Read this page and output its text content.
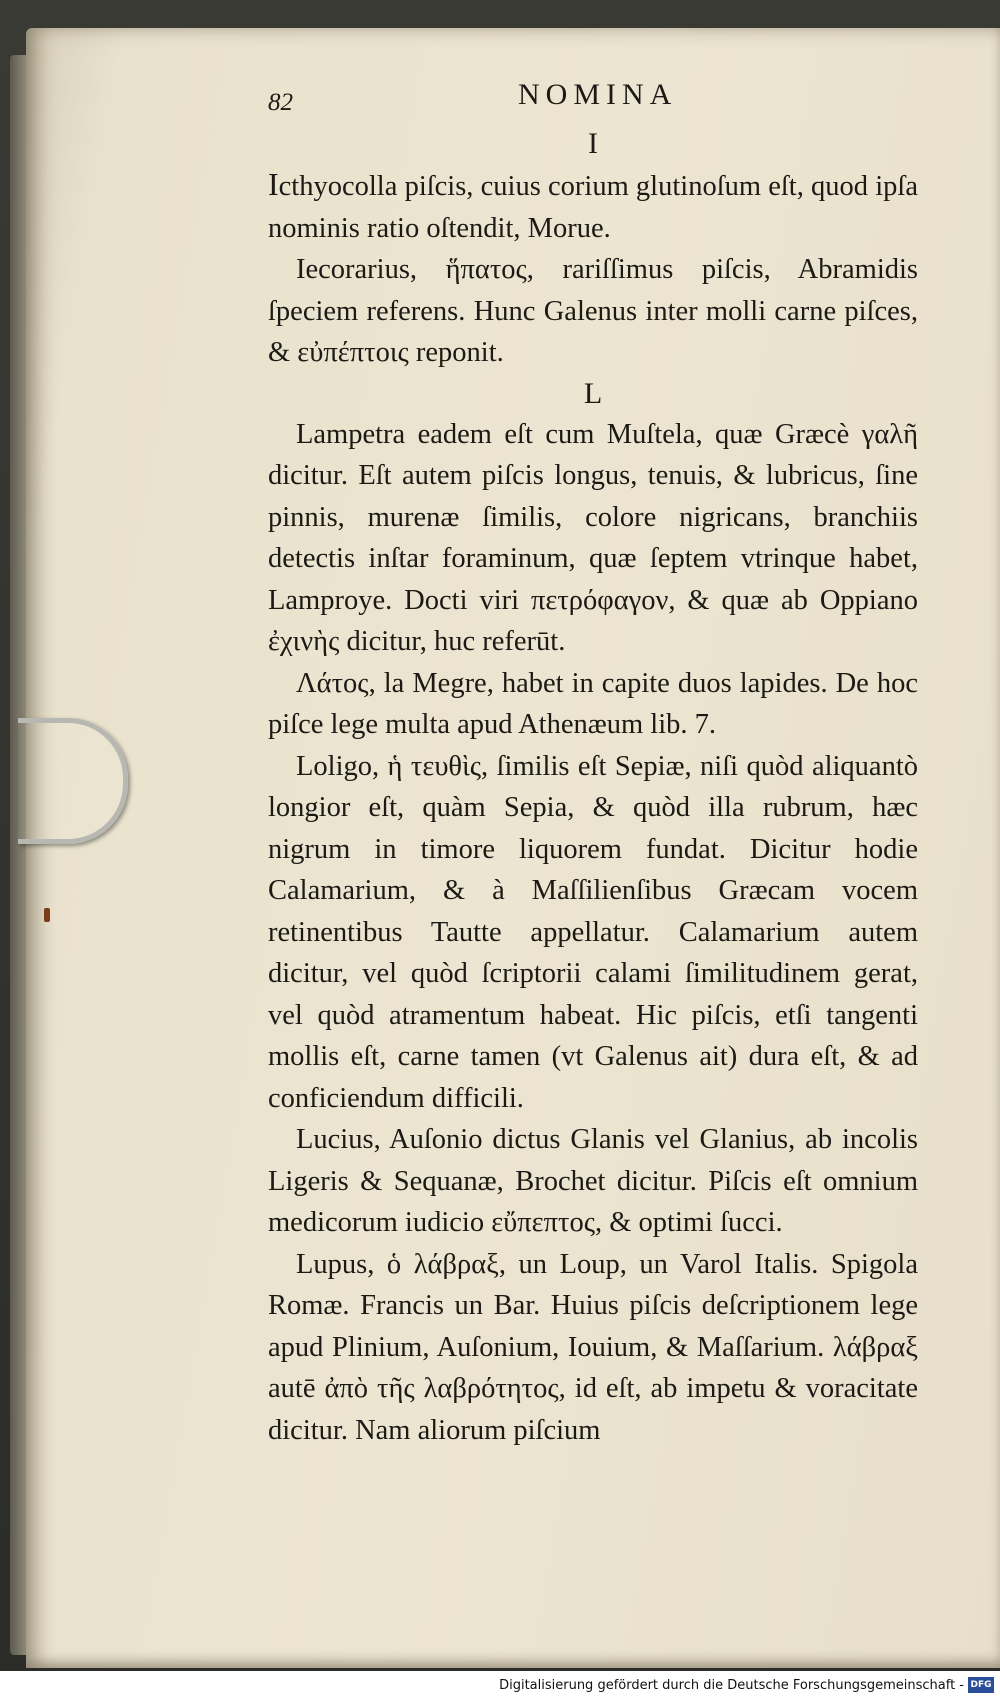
82	NOMINA
I

Icthyocolla piſcis, cuius corium glutinoſum eſt, quod ipſa nominis ratio oſtendit, Morue.

Iecorarius, ἥπατος, rariſſimus piſcis, Abramidis ſpeciem referens. Hunc Galenus inter molli carne piſces, & εὐπέπτοις reponit.

L

Lampetra eadem eſt cum Muſtela, quæ Græcè γαλῆ dicitur. Eſt autem piſcis longus, tenuis, & lubricus, ſine pinnis, murenæ ſimilis, colore nigricans, branchiis detectis inſtar foraminum, quæ ſeptem vtrinque habet, Lamproye. Docti viri πετρόφαγον, & quæ ab Oppiano ἐχινὴς dicitur, huc referūt.

Λάτος, la Megre, habet in capite duos lapides. De hoc piſce lege multa apud Athenæum lib. 7.

Loligo, ἡ τευθὶς, ſimilis eſt Sepiæ, niſi quòd aliquantò longior eſt, quàm Sepia, & quòd illa rubrum, hæc nigrum in timore liquorem fundat. Dicitur hodie Calamarium, & à Maſſilienſibus Græcam vocem retinentibus Tautte appellatur. Calamarium autem dicitur, vel quòd ſcriptorii calami ſimilitudinem gerat, vel quòd atramentum habeat. Hic piſcis, etſi tangenti mollis eſt, carne tamen (vt Galenus ait) dura eſt, & ad conficiendum difficili.

Lucius, Auſonio dictus Glanis vel Glanius, ab incolis Ligeris & Sequanæ, Brochet dicitur. Piſcis eſt omnium medicorum iudicio εὔπεπτος, & optimi ſucci.

Lupus, ὁ λάβραξ, un Loup, un Varol Italis. Spigola Romæ. Francis un Bar. Huius piſcis deſcriptionem lege apud Plinium, Auſonium, Iouium, & Maſſarium. λάβραξ autē ἀπὸ τῆς λαβρότητος, id eſt, ab impetu & voracitate dicitur. Nam aliorum piſcium

Digitalisierung gefördert durch die Deutsche Forschungsgemeinschaft - DFG
